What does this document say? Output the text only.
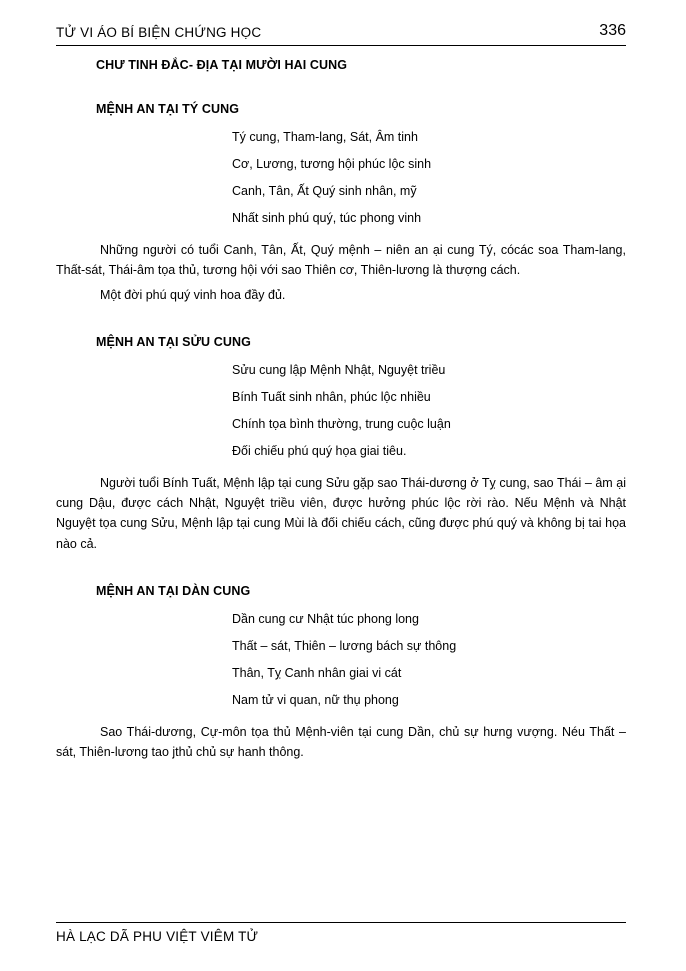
TỬ VI ÁO BÍ BIỆN CHỨNG HỌC	336
CHƯ TINH ĐẮC- ĐỊA TẠI MƯỜI HAI CUNG
MỆNH AN TẠI TÝ CUNG
Tý cung, Tham-lang, Sát, Âm tinh
Cơ, Lương, tương hội phúc lộc sinh
Canh, Tân, Ất Quý sinh nhân, mỹ
Nhất sinh phú quý, túc phong vinh
Những người có tuổi Canh, Tân, Ất, Quý mệnh – niên an ại cung Tý, cócác soa Tham-lang, Thất-sát, Thái-âm tọa thủ, tương hội với sao Thiên cơ, Thiên-lương là thượng cách.
Một đời phú quý vinh hoa đầy đủ.
MỆNH AN TẠI SỬU CUNG
Sửu cung lập Mệnh Nhật, Nguyệt triều
Bính Tuất sinh nhân, phúc lộc nhiều
Chính tọa bình thường, trung cuộc luận
Đối chiếu phú quý họa giai tiêu.
Người tuổi Bính Tuất, Mệnh lập tại cung Sửu gặp sao Thái-dương ở Tỵ cung, sao Thái – âm ại cung Dậu, được cách Nhật, Nguyệt triều viên, được hưởng phúc lộc rời rào. Nếu Mệnh và Nhật Nguyệt tọa cung Sửu, Mệnh lập tại cung Mùi là đối chiếu cách, cũng được phú quý và không bị tai họa nào cả.
MỆNH AN TẠI DÀN CUNG
Dần cung cư Nhật túc phong long
Thất – sát, Thiên – lương bách sự thông
Thân, Tỵ Canh nhân giai vi cát
Nam tử vi quan, nữ thụ phong
Sao Thái-dương, Cự-môn tọa thủ Mệnh-viên tại cung Dần, chủ sự hưng vượng. Néu Thất –sát, Thiên-lương tao jthủ chủ sự hanh thông.
HÀ LẠC DÃ PHU VIỆT VIÊM TỬ
